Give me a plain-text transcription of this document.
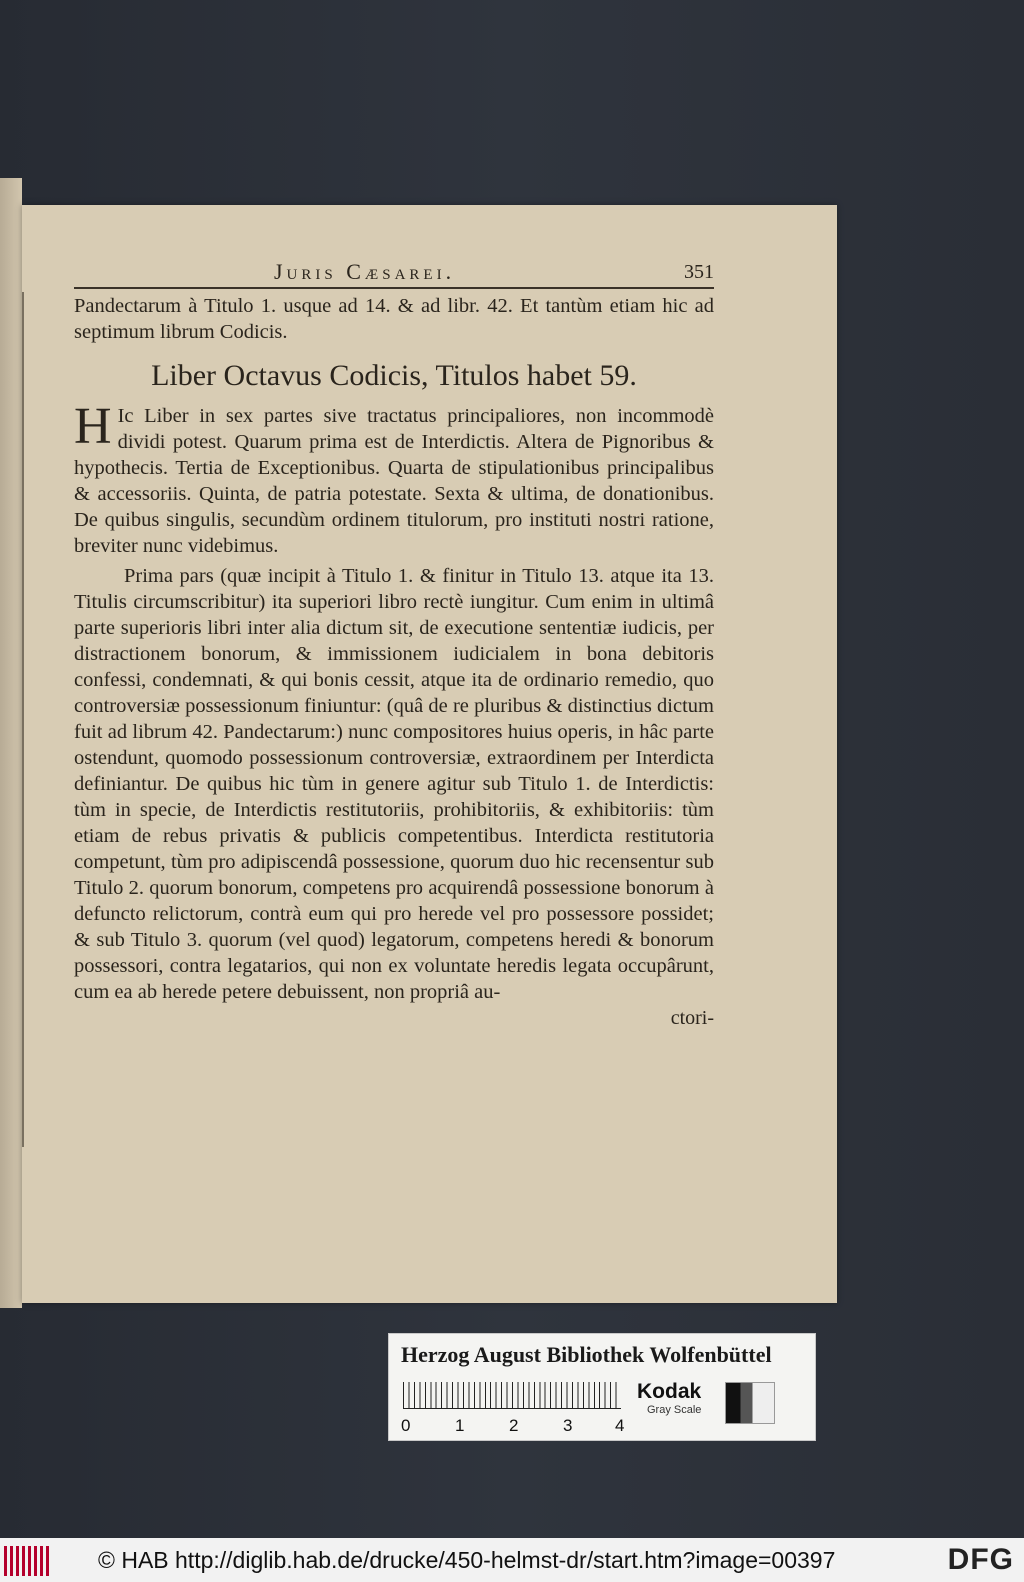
Juris Cæsarei.	351

Pandectarum à Titulo 1. usque ad 14. & ad libr. 42. Et tantùm etiam hic ad septimum librum Codicis.

Liber Octavus Codicis, Titulos habet 59.

H Ic Liber in sex partes sive tractatus principaliores, non incommodè dividi potest. Quarum prima est de Interdictis. Altera de Pignoribus & hypothecis. Tertia de Exceptionibus. Quarta de stipulationibus principalibus & accessoriis. Quinta, de patria potestate. Sexta & ultima, de donationibus. De quibus singulis, secundùm ordinem titulorum, pro instituti nostri ratione, breviter nunc videbimus.

Prima pars (quæ incipit à Titulo 1. & finitur in Titulo 13. atque ita 13. Titulis circumscribitur) ita superiori libro rectè iungitur. Cum enim in ultimâ parte superioris libri inter alia dictum sit, de executione sententiæ iudicis, per distractionem bonorum, & immissionem iudicialem in bona debitoris confessi, condemnati, & qui bonis cessit, atque ita de ordinario remedio, quo controversiæ possessionum finiuntur: (quâ de re pluribus & distinctius dictum fuit ad librum 42. Pandectarum:) nunc compositores huius operis, in hâc parte ostendunt, quomodo possessionum controversiæ, extraordinem per Interdicta definiantur. De quibus hic tùm in genere agitur sub Titulo 1. de Interdictis: tùm in specie, de Interdictis restitutoriis, prohibitoriis, & exhibitoriis: tùm etiam de rebus privatis & publicis competentibus. Interdicta restitutoria competunt, tùm pro adipiscendâ possessione, quorum duo hic recensentur sub Titulo 2. quorum bonorum, competens pro acquirendâ possessione bonorum à defuncto relictorum, contrà eum qui pro herede vel pro possessore possidet; & sub Titulo 3. quorum (vel quod) legatorum, competens heredi & bonorum possessori, contra legatarios, qui non ex voluntate heredis legata occupârunt, cum ea ab herede petere debuissent, non propriâ au-

ctori-
Herzog August Bibliothek Wolfenbüttel
0	1	2	3	4
Kodak
Gray Scale
© HAB http://diglib.hab.de/drucke/450-helmst-dr/start.htm?image=00397	DFG
